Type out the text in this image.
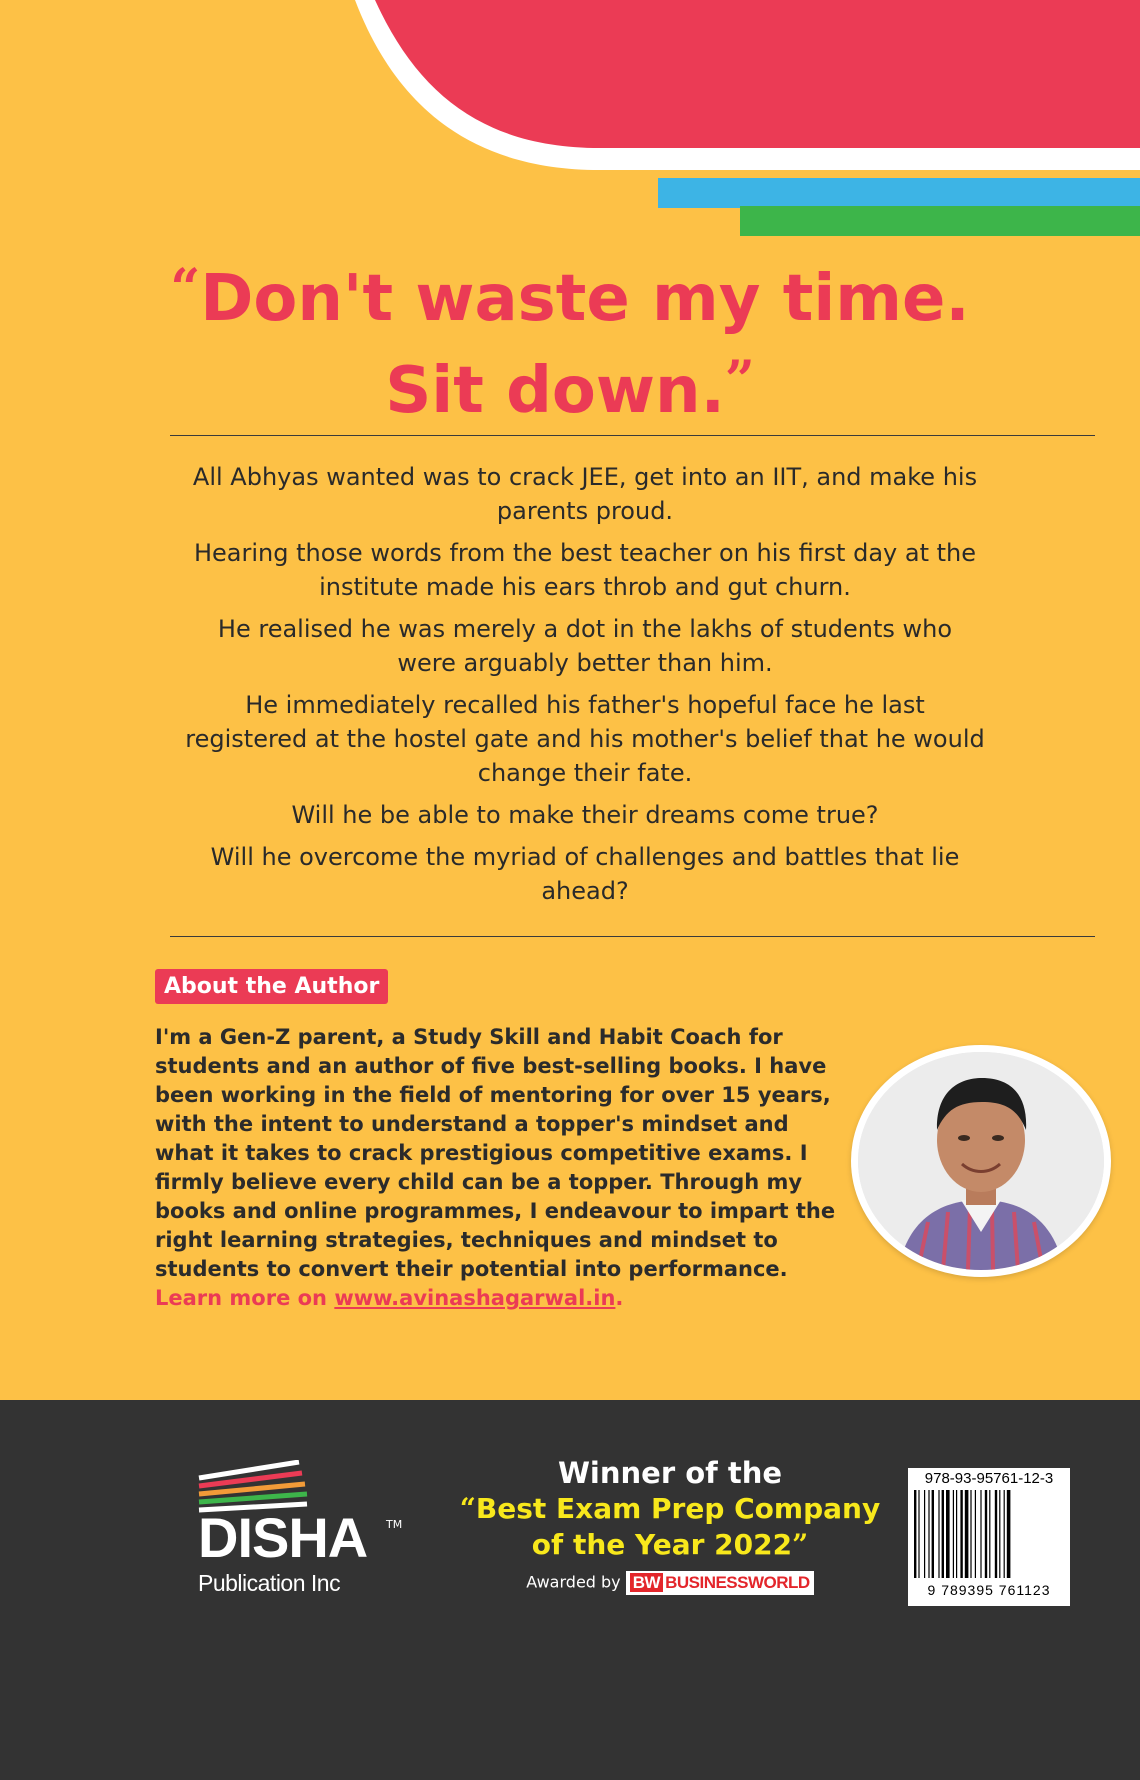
“Don't waste my time.
Sit down.”

All Abhyas wanted was to crack JEE, get into an IIT, and make his parents proud.

Hearing those words from the best teacher on his first day at the institute made his ears throb and gut churn.

He realised he was merely a dot in the lakhs of students who were arguably better than him.

He immediately recalled his father's hopeful face he last registered at the hostel gate and his mother's belief that he would change their fate.

Will he be able to make their dreams come true?

Will he overcome the myriad of challenges and battles that lie ahead?

About the Author
I'm a Gen-Z parent, a Study Skill and Habit Coach for students and an author of five best-selling books. I have been working in the field of mentoring for over 15 years, with the intent to understand a topper's mindset and what it takes to crack prestigious competitive exams. I firmly believe every child can be a topper. Through my books and online programmes, I endeavour to impart the right learning strategies, techniques and mindset to students to convert their potential into performance.
Learn more on www.avinashagarwal.in.
DISHA TM
Publication Inc
Winner of the
“Best Exam Prep Company
of the Year 2022”
Awarded by BW BUSINESSWORLD
978-93-95761-12-3
9 789395 761123
